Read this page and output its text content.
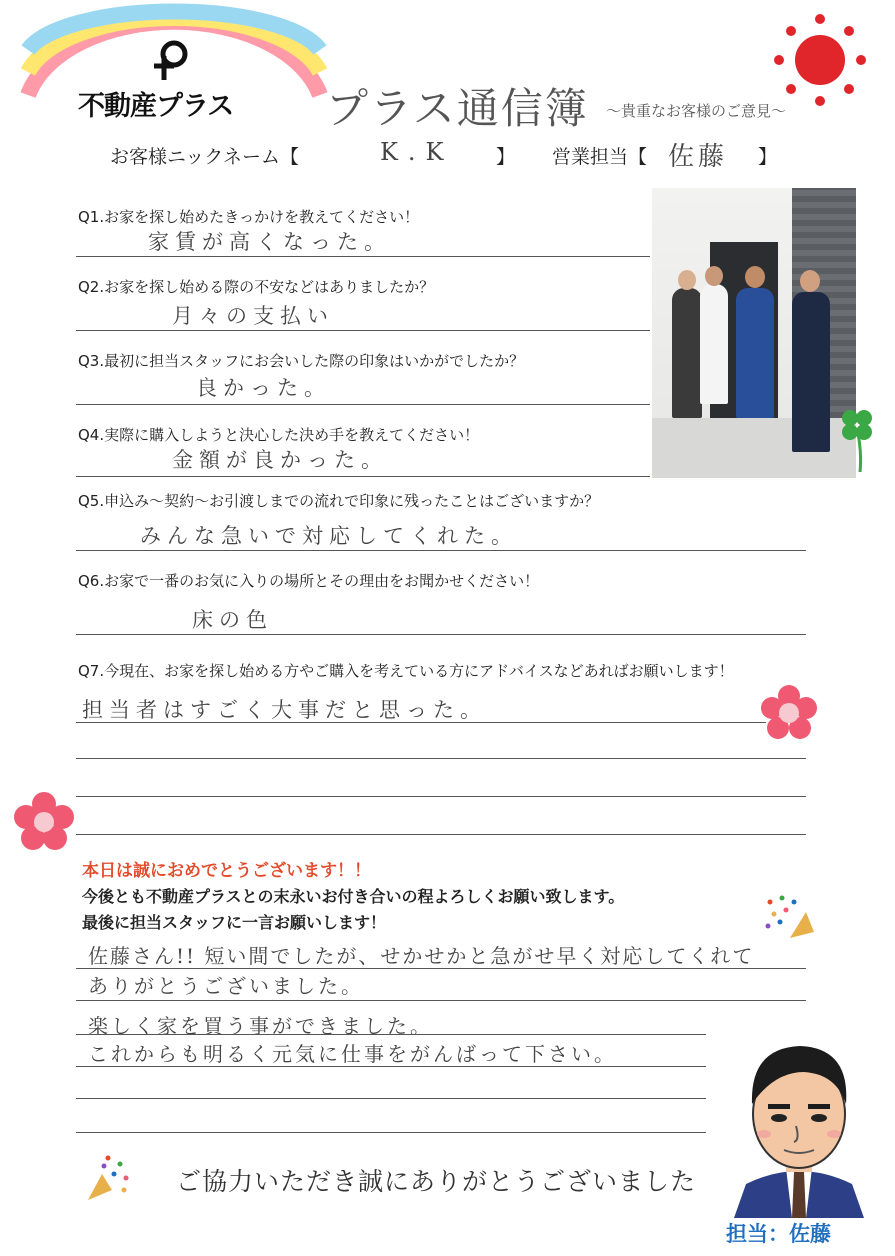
不動産プラス プラス通信簿 ～貴重なお客様のご意見～
お客様ニックネーム【	K.K 】 営業担当【 佐藤 】
Q1.お家を探し始めたきっかけを教えてください！
家賃が高くなった。
Q2.お家を探し始める際の不安などはありましたか？
月々の支払い
Q3.最初に担当スタッフにお会いした際の印象はいかがでしたか？
良かった。
Q4.実際に購入しようと決心した決め手を教えてください！
金額が良かった。
Q5.申込み～契約～お引渡しまでの流れで印象に残ったことはございますか？
みんな急いで対応してくれた。
Q6.お家で一番のお気に入りの場所とその理由をお聞かせください！
床の色
Q7.今現在、お家を探し始める方やご購入を考えている方にアドバイスなどあればお願いします！
担当者はすごく大事だと思った。
本日は誠におめでとうございます！！
今後とも不動産プラスとの末永いお付き合いの程よろしくお願い致します。
最後に担当スタッフに一言お願いします！
佐藤さん!! 短い間でしたが、せかせかと急がせ早く対応してくれて
ありがとうございました。
楽しく家を買う事ができました。
これからも明るく元気に仕事をがんばって下さい。
ご協力いただき誠にありがとうございました
担当：佐藤
